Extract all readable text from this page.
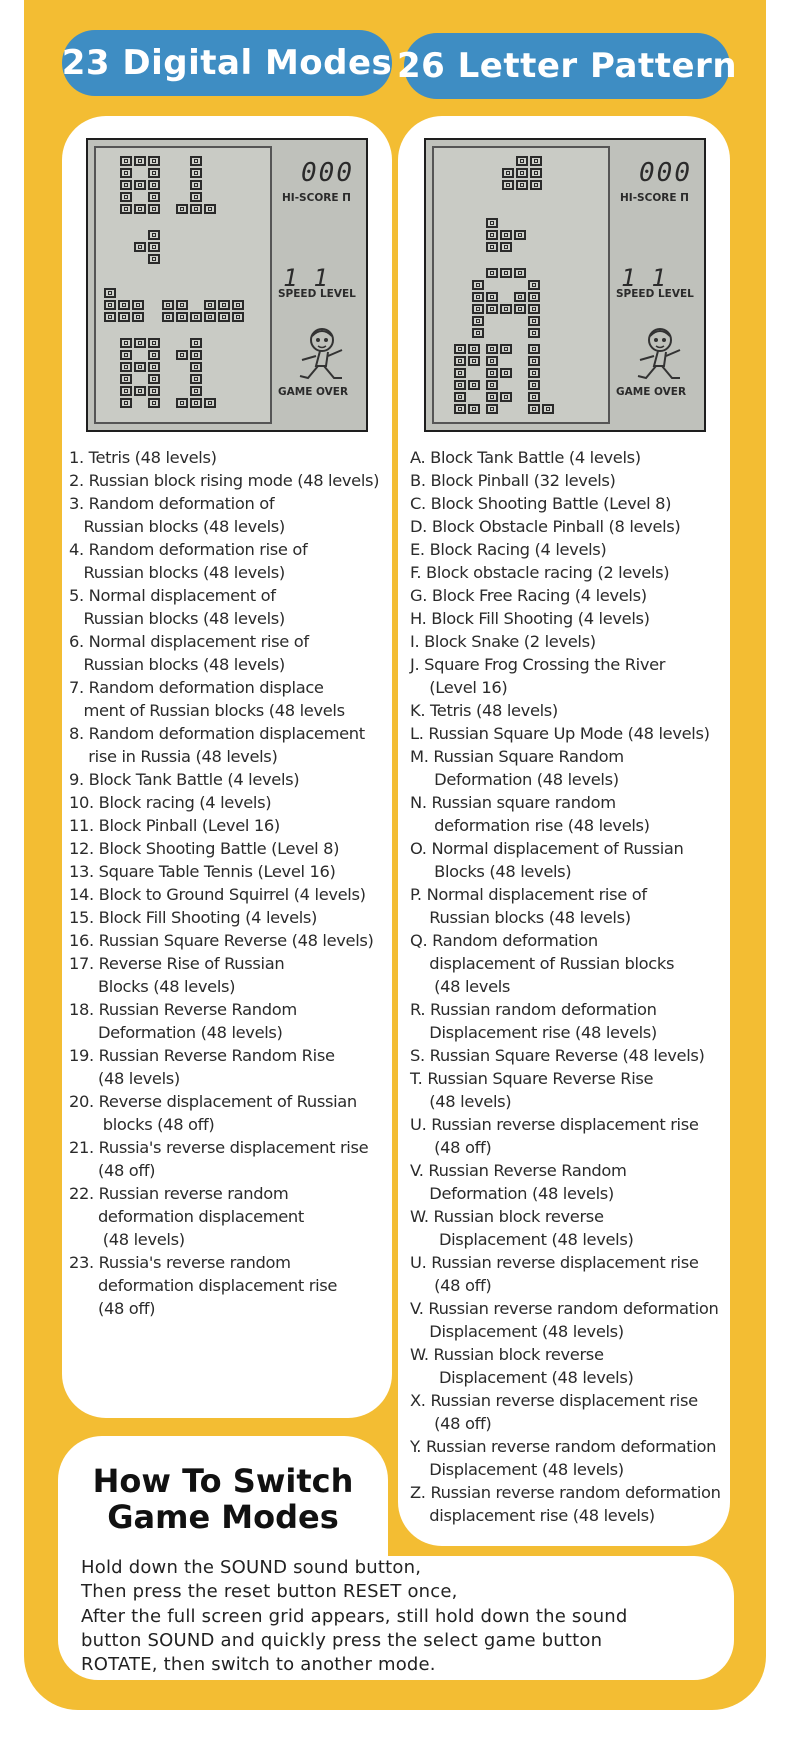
23 Digital Modes 26 Letter Pattern
000
HI-SCORE Π
11
SPEED LEVEL
GAME OVER
000
HI-SCORE Π
11
SPEED LEVEL
GAME OVER
1. Tetris (48 levels)
2. Russian block rising mode (48 levels)
3. Random deformation of
Russian blocks (48 levels)
4. Random deformation rise of
Russian blocks (48 levels)
5. Normal displacement of
Russian blocks (48 levels)
6. Normal displacement rise of
Russian blocks (48 levels)
7. Random deformation displace
ment of Russian blocks (48 levels
8. Random deformation displacement
rise in Russia (48 levels)
9. Block Tank Battle (4 levels)
10. Block racing (4 levels)
11. Block Pinball (Level 16)
12. Block Shooting Battle (Level 8)
13. Square Table Tennis (Level 16)
14. Block to Ground Squirrel (4 levels)
15. Block Fill Shooting (4 levels)
16. Russian Square Reverse (48 levels)
17. Reverse Rise of Russian
Blocks (48 levels)
18. Russian Reverse Random
Deformation (48 levels)
19. Russian Reverse Random Rise
(48 levels)
20. Reverse displacement of Russian
blocks (48 off)
21. Russia's reverse displacement rise
(48 off)
22. Russian reverse random
deformation displacement
(48 levels)
23. Russia's reverse random
deformation displacement rise
(48 off)
A. Block Tank Battle (4 levels)
B. Block Pinball (32 levels)
C. Block Shooting Battle (Level 8)
D. Block Obstacle Pinball (8 levels)
E. Block Racing (4 levels)
F. Block obstacle racing (2 levels)
G. Block Free Racing (4 levels)
H. Block Fill Shooting (4 levels)
I. Block Snake (2 levels)
J. Square Frog Crossing the River
(Level 16)
K. Tetris (48 levels)
L. Russian Square Up Mode (48 levels)
M. Russian Square Random
Deformation (48 levels)
N. Russian square random
deformation rise (48 levels)
O. Normal displacement of Russian
Blocks (48 levels)
P. Normal displacement rise of
Russian blocks (48 levels)
Q. Random deformation
displacement of Russian blocks
(48 levels
R. Russian random deformation
Displacement rise (48 levels)
S. Russian Square Reverse (48 levels)
T. Russian Square Reverse Rise
(48 levels)
U. Russian reverse displacement rise
(48 off)
V. Russian Reverse Random
Deformation (48 levels)
W. Russian block reverse
Displacement (48 levels)
U. Russian reverse displacement rise
(48 off)
V. Russian reverse random deformation
Displacement (48 levels)
W. Russian block reverse
Displacement (48 levels)
X. Russian reverse displacement rise
(48 off)
Y. Russian reverse random deformation
Displacement (48 levels)
Z. Russian reverse random deformation
displacement rise (48 levels)
How To Switch
Game Modes
Hold down the SOUND sound button,
Then press the reset button RESET once,
After the full screen grid appears, still hold down the sound
button SOUND and quickly press the select game button
ROTATE, then switch to another mode.
